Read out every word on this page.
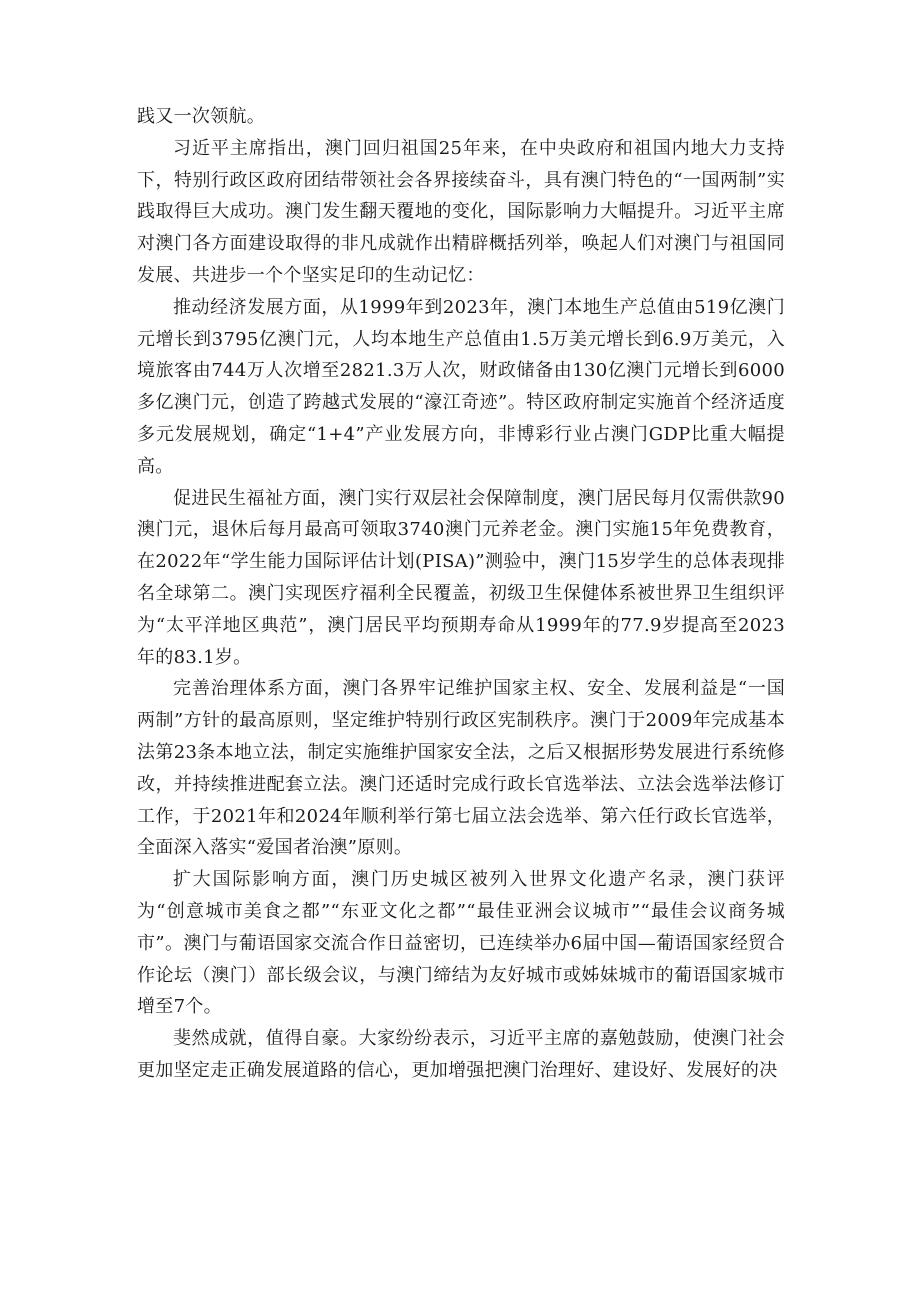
践又一次领航。

习近平主席指出，澳门回归祖国25年来，在中央政府和祖国内地大力支持下，特别行政区政府团结带领社会各界接续奋斗，具有澳门特色的“一国两制”实践取得巨大成功。澳门发生翻天覆地的变化，国际影响力大幅提升。习近平主席对澳门各方面建设取得的非凡成就作出精辟概括列举，唤起人们对澳门与祖国同发展、共进步一个个坚实足印的生动记忆：

推动经济发展方面，从1999年到2023年，澳门本地生产总值由519亿澳门元增长到3795亿澳门元，人均本地生产总值由1.5万美元增长到6.9万美元，入境旅客由744万人次增至2821.3万人次，财政储备由130亿澳门元增长到6000多亿澳门元，创造了跨越式发展的“濠江奇迹”。特区政府制定实施首个经济适度多元发展规划，确定“1+4”产业发展方向，非博彩行业占澳门GDP比重大幅提高。

促进民生福祉方面，澳门实行双层社会保障制度，澳门居民每月仅需供款90澳门元，退休后每月最高可领取3740澳门元养老金。澳门实施15年免费教育，在2022年“学生能力国际评估计划(PISA)”测验中，澳门15岁学生的总体表现排名全球第二。澳门实现医疗福利全民覆盖，初级卫生保健体系被世界卫生组织评为“太平洋地区典范”，澳门居民平均预期寿命从1999年的77.9岁提高至2023年的83.1岁。

完善治理体系方面，澳门各界牢记维护国家主权、安全、发展利益是“一国两制”方针的最高原则，坚定维护特别行政区宪制秩序。澳门于2009年完成基本法第23条本地立法，制定实施维护国家安全法，之后又根据形势发展进行系统修改，并持续推进配套立法。澳门还适时完成行政长官选举法、立法会选举法修订工作，于2021年和2024年顺利举行第七届立法会选举、第六任行政长官选举，全面深入落实“爱国者治澳”原则。

扩大国际影响方面，澳门历史城区被列入世界文化遗产名录，澳门获评为“创意城市美食之都”“东亚文化之都”“最佳亚洲会议城市”“最佳会议商务城市”。澳门与葡语国家交流合作日益密切，已连续举办6届中国—葡语国家经贸合作论坛（澳门）部长级会议，与澳门缔结为友好城市或姊妹城市的葡语国家城市增至7个。

斐然成就，值得自豪。大家纷纷表示，习近平主席的嘉勉鼓励，使澳门社会更加坚定走正确发展道路的信心，更加增强把澳门治理好、建设好、发展好的决
